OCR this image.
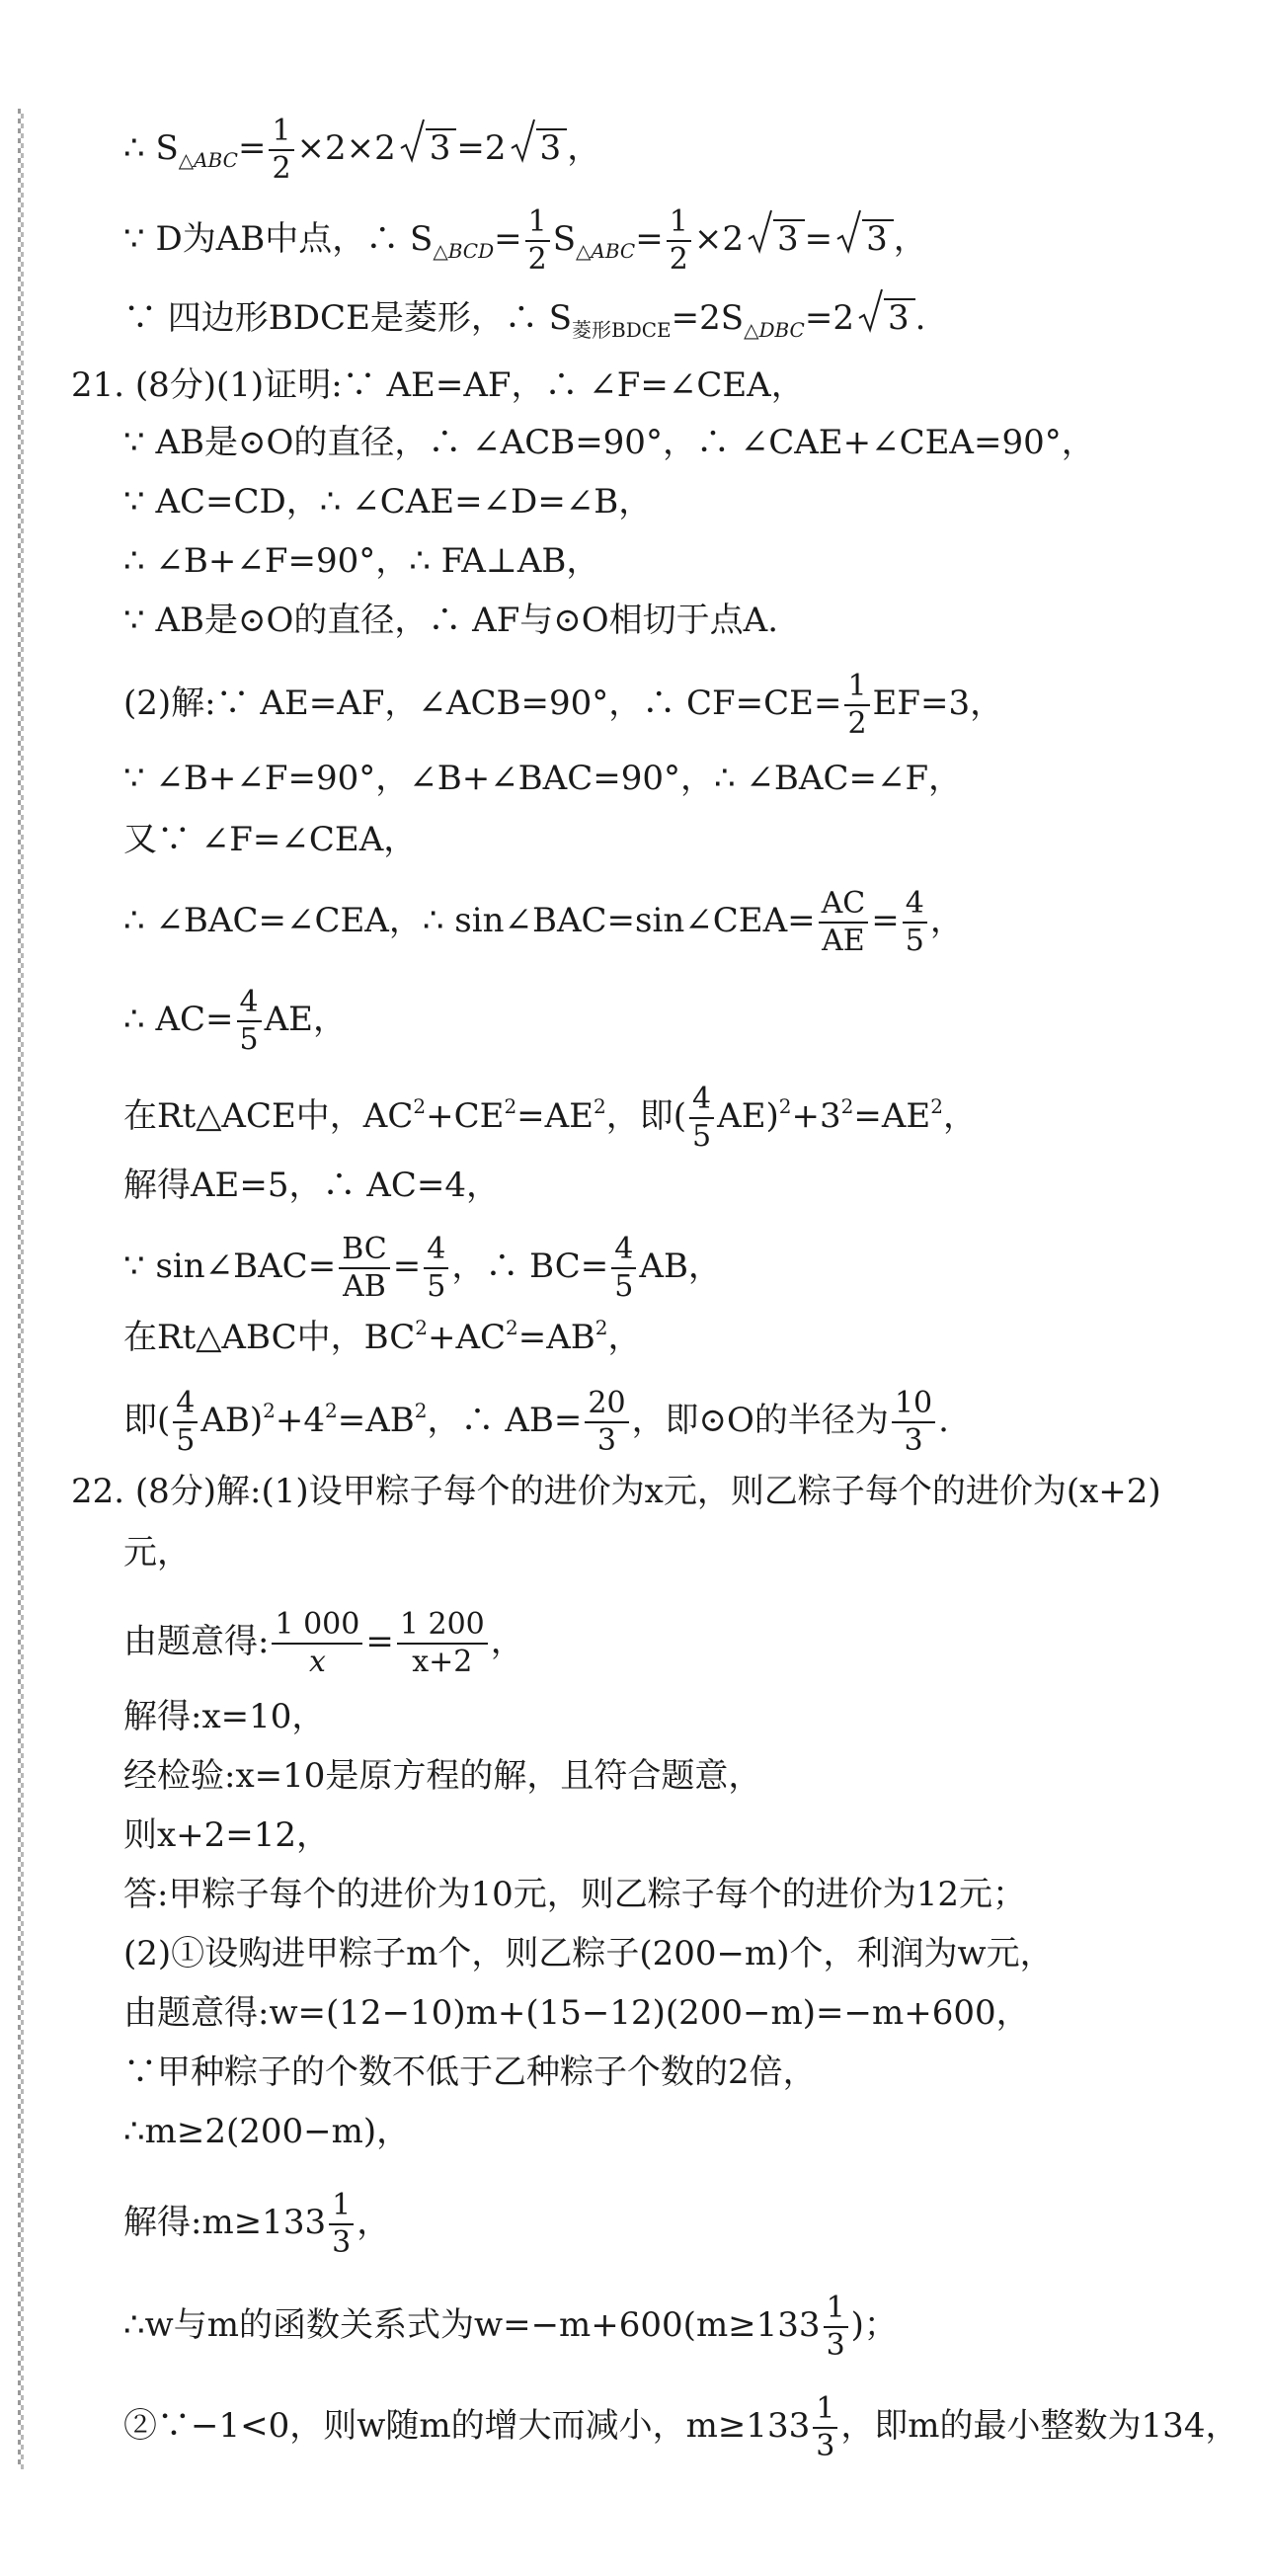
∴ $S_{\triangle ABC}= \frac{1}{2} \times 2\times 2$ 3 =2 3 ，
∵ D为AB中点，∴ $S_{\triangle BCD}= \frac{1}{2} S_{\triangle ABC}= \frac{1}{2} \times 2$ 3 = 3 ，
∵ 四边形BDCE是菱形，∴ $S_{菱形BDCE}=2S_{\triangle DBC}=2$ 3 .
21. (8分)(1)证明:∵ AE=AF，∴ ∠F=∠CEA，
∵ AB是⊙O的直径，∴ ∠ACB=90°，∴ ∠CAE+∠CEA=90°，
∵ AC=CD，∴ ∠CAE=∠D=∠B，
∴ ∠B+∠F=90°，∴ FA⊥AB，
∵ AB是⊙O的直径，∴ AF与⊙O相切于点A.
(2)解:∵ AE=AF，∠ACB=90°，∴ $CF=CE= \frac{1}{2} EF=3$，
∵ ∠B+∠F=90°，∠B+∠BAC=90°，∴ ∠BAC=∠F，
又∵ ∠F=∠CEA，
∴ ∠BAC=∠CEA，∴ sin∠BAC=sin∠CEA= $\frac{AC}{AE} = \frac{4}{5}$ ，
∴ $AC= \frac{4}{5}$ AE，
在Rt△ACE中，$AC^2+CE^2=AE^2$，即( $\frac{4}{5} AE)^2+3^2=AE^2$，
解得AE=5，∴ AC=4，
∵ sin∠BAC= $\frac{BC}{AB} = \frac{4}{5}$ ，∴ $BC= \frac{4}{5}$ AB，
在Rt△ABC中，$BC^2+AC^2=AB^2$，
即( $\frac{4}{5} AB)^2+4^2=AB^2$，∴ $AB= \frac{20}{3}$ ，即⊙O的半径为 $\frac{10}{3}$ .
22. (8分)解:(1)设甲粽子每个的进价为x元，则乙粽子每个的进价为(x+2)
元，
由题意得: $\frac{1 000}{x} = \frac{1 200}{x+2}$ ，
解得:x=10，
经检验:x=10是原方程的解，且符合题意，
则x+2=12，
答:甲粽子每个的进价为10元，则乙粽子每个的进价为12元；
(2)①设购进甲粽子m个，则乙粽子(200−m)个，利润为w元，
由题意得:w=(12−10)m+(15−12)(200−m)=−m+600，
∵甲种粽子的个数不低于乙种粽子个数的2倍，
∴m≥2(200−m)，
解得:m≥133 $\frac{1}{3}$ ，
∴w与m的函数关系式为$w=-m+600(m\ge 133 \frac{1}{3}$ )；
②∵−1<0，则w随m的增大而减小，$m\ge 133 \frac{1}{3}$ ，即m的最小整数为134，
